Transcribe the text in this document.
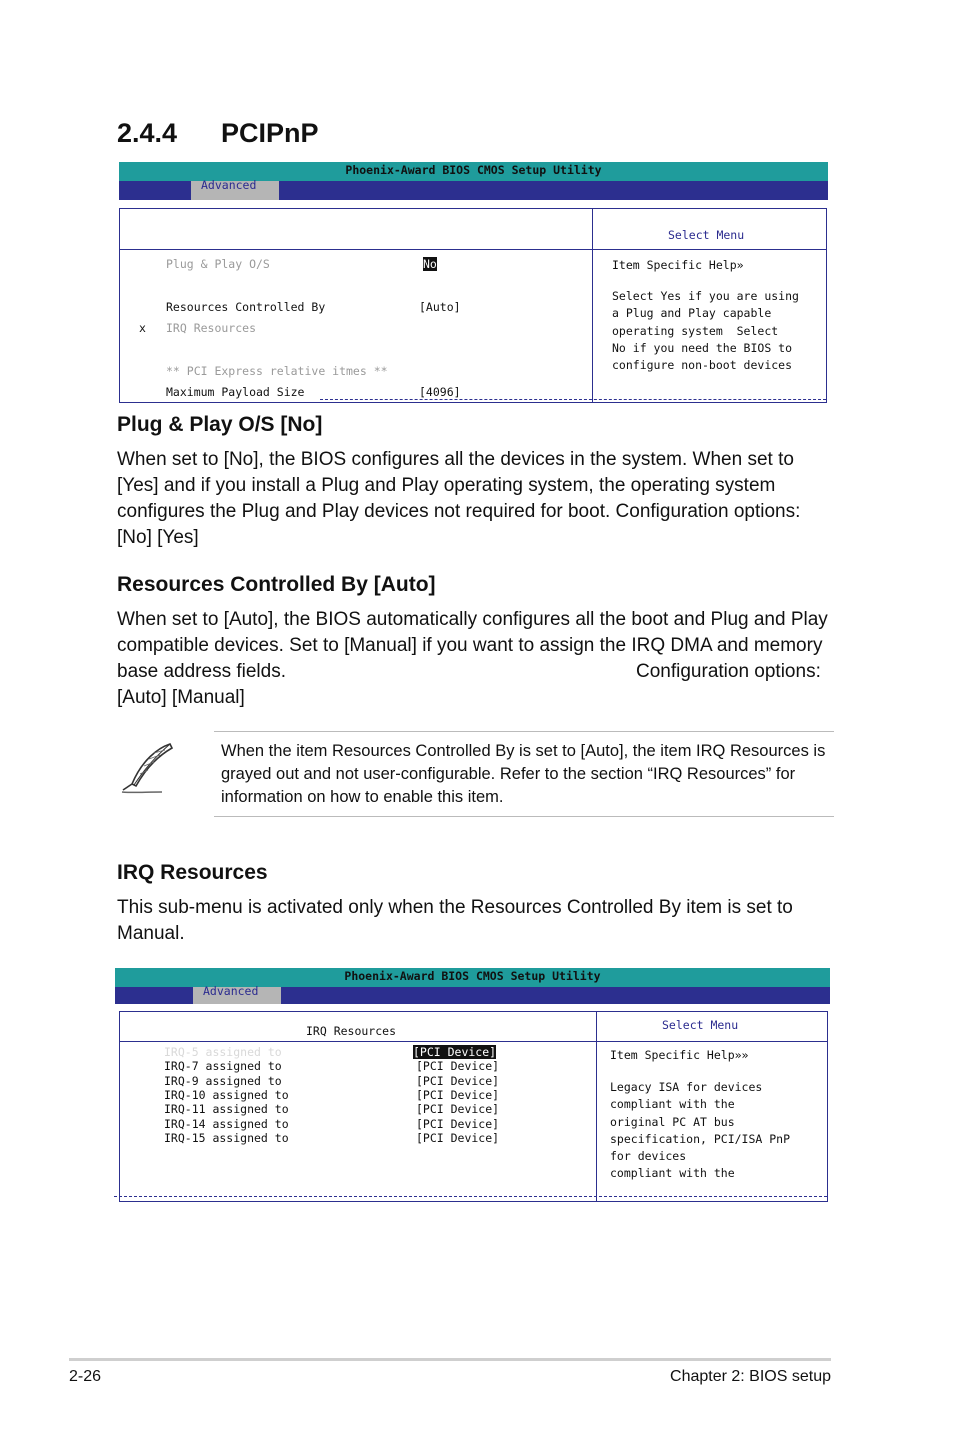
2.4.4 PCIPnP
Phoenix-Award BIOS CMOS Setup Utility
Advanced
PCIPnP
Select Menu
Plug & Play O/S	No
Resources Controlled By	[Auto]
x IRQ Resources
** PCI Express relative itmes **
Maximum Payload Size	[4096]
Item Specific Help»
Select Yes if you are using
a Plug and Play capable
operating system  Select
No if you need the BIOS to
configure non-boot devices
Plug & Play O/S [No]

When set to [No], the BIOS configures all the devices in the system. When set to [Yes] and if you install a Plug and Play operating system, the operating system configures the Plug and Play devices not required for boot. Configuration options: [No] [Yes]

Resources Controlled By [Auto]

When set to [Auto], the BIOS automatically configures all the boot and Plug and Play compatible devices. Set to [Manual] if you want to assign the IRQ DMA and memory base address fields.	Configuration options:
[Auto] [Manual]
When the item Resources Controlled By is set to [Auto], the item IRQ Resources is grayed out and not user-configurable. Refer to the section “IRQ Resources” for information on how to enable this item.
IRQ Resources

This sub-menu is activated only when the Resources Controlled By item is set to Manual.

Phoenix-Award BIOS CMOS Setup Utility
Advanced
IRQ Resources	Select Menu
IRQ-5 assigned to	[PCI Device]
IRQ-7 assigned to	[PCI Device]
IRQ-9 assigned to	[PCI Device]
IRQ-10 assigned to	[PCI Device]
IRQ-11 assigned to	[PCI Device]
IRQ-14 assigned to	[PCI Device]
IRQ-15 assigned to	[PCI Device]
Item Specific Help»»
Legacy ISA for devices
compliant with the
original PC AT bus
specification, PCI/ISA PnP
for devices
compliant with the
2-26	Chapter 2: BIOS setup
